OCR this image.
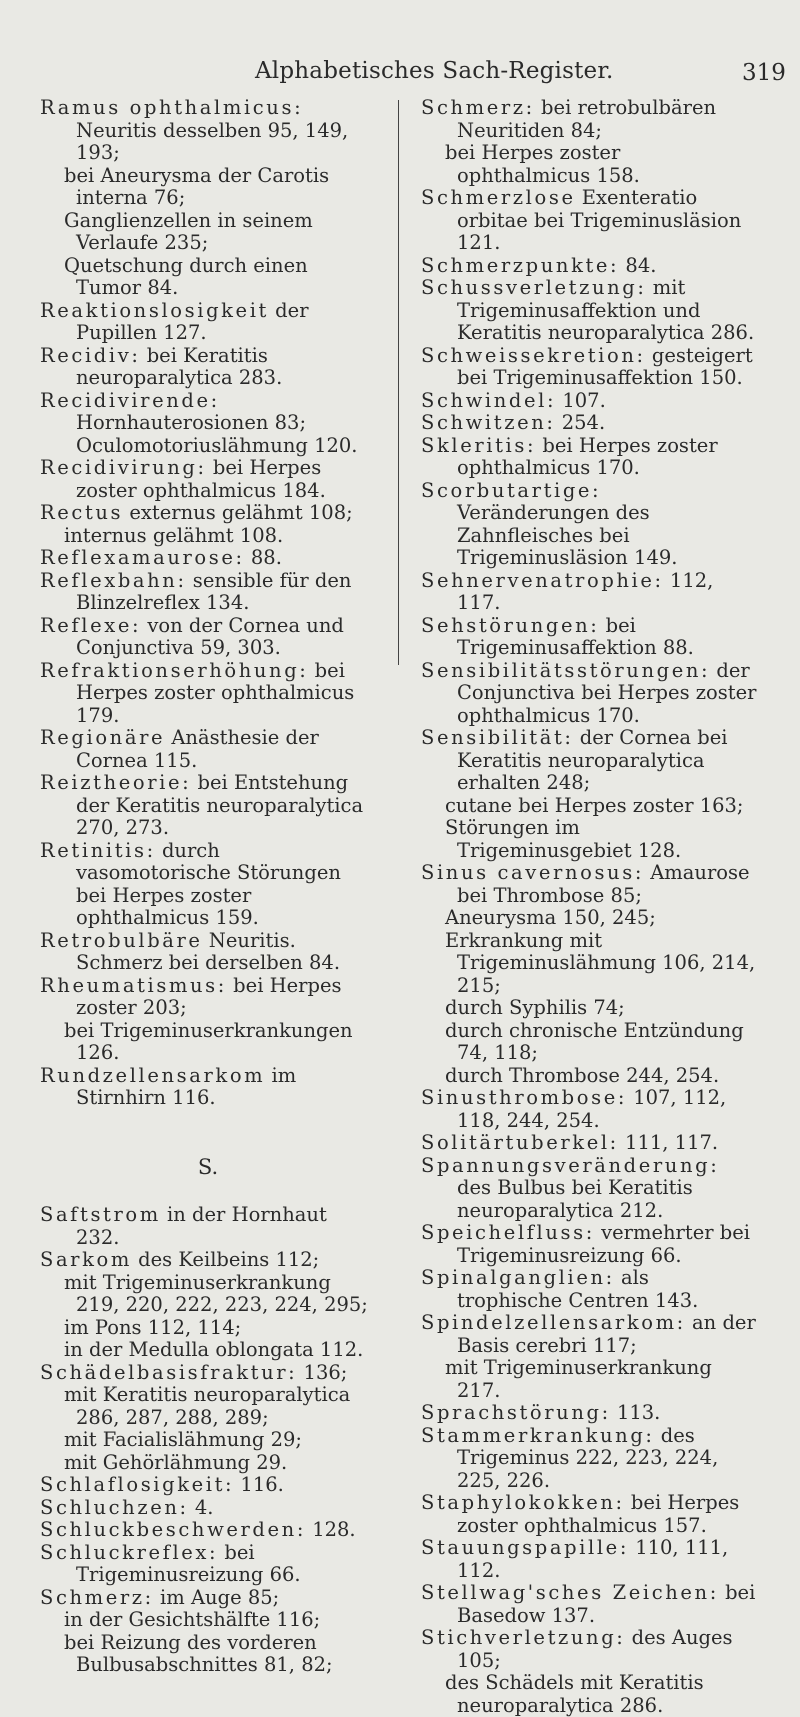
Alphabetisches Sach-Register.	319

Ramus ophthalmicus: Neuritis desselben 95, 149, 193;

bei Aneurysma der Carotis interna 76;

Ganglienzellen in seinem Verlaufe 235;

Quetschung durch einen Tumor 84.

Reaktionslosigkeit der Pupillen 127.

Recidiv: bei Keratitis neuroparalytica 283.

Recidivirende: Hornhauterosionen 83; Oculomotoriuslähmung 120.

Recidivirung: bei Herpes zoster ophthalmicus 184.

Rectus externus gelähmt 108;

internus gelähmt 108.

Reflexamaurose: 88.

Reflexbahn: sensible für den Blinzelreflex 134.

Reflexe: von der Cornea und Conjunctiva 59, 303.

Refraktionserhöhung: bei Herpes zoster ophthalmicus 179.

Regionäre Anästhesie der Cornea 115.

Reiztheorie: bei Entstehung der Keratitis neuroparalytica 270, 273.

Retinitis: durch vasomotorische Störungen bei Herpes zoster ophthalmicus 159.

Retrobulbäre Neuritis. Schmerz bei derselben 84.

Rheumatismus: bei Herpes zoster 203;

bei Trigeminuserkrankungen 126.

Rundzellensarkom im Stirnhirn 116.

S.

Saftstrom in der Hornhaut 232.

Sarkom des Keilbeins 112;

mit Trigeminuserkrankung 219, 220, 222, 223, 224, 295;

im Pons 112, 114;

in der Medulla oblongata 112.

Schädelbasisfraktur: 136;

mit Keratitis neuroparalytica 286, 287, 288, 289;

mit Facialislähmung 29;

mit Gehörlähmung 29.

Schlaflosigkeit: 116.

Schluchzen: 4.

Schluckbeschwerden: 128.

Schluckreflex: bei Trigeminusreizung 66.

Schmerz: im Auge 85;

in der Gesichtshälfte 116;

bei Reizung des vorderen Bulbusabschnittes 81, 82;

Schmerz: bei retrobulbären Neuritiden 84;

bei Herpes zoster ophthalmicus 158.

Schmerzlose Exenteratio orbitae bei Trigeminusläsion 121.

Schmerzpunkte: 84.

Schussverletzung: mit Trigeminusaffektion und Keratitis neuroparalytica 286.

Schweissekretion: gesteigert bei Trigeminusaffektion 150.

Schwindel: 107.

Schwitzen: 254.

Skleritis: bei Herpes zoster ophthalmicus 170.

Scorbutartige: Veränderungen des Zahnfleisches bei Trigeminusläsion 149.

Sehnervenatrophie: 112, 117.

Sehstörungen: bei Trigeminusaffektion 88.

Sensibilitätsstörungen: der Conjunctiva bei Herpes zoster ophthalmicus 170.

Sensibilität: der Cornea bei Keratitis neuroparalytica erhalten 248;

cutane bei Herpes zoster 163;

Störungen im Trigeminusgebiet 128.

Sinus cavernosus: Amaurose bei Thrombose 85;

Aneurysma 150, 245;

Erkrankung mit Trigeminuslähmung 106, 214, 215;

durch Syphilis 74;

durch chronische Entzündung 74, 118;

durch Thrombose 244, 254.

Sinusthrombose: 107, 112, 118, 244, 254.

Solitärtuberkel: 111, 117.

Spannungsveränderung: des Bulbus bei Keratitis neuroparalytica 212.

Speichelfluss: vermehrter bei Trigeminusreizung 66.

Spinalganglien: als trophische Centren 143.

Spindelzellensarkom: an der Basis cerebri 117;

mit Trigeminuserkrankung 217.

Sprachstörung: 113.

Stammerkrankung: des Trigeminus 222, 223, 224, 225, 226.

Staphylokokken: bei Herpes zoster ophthalmicus 157.

Stauungspapille: 110, 111, 112.

Stellwag'sches Zeichen: bei Basedow 137.

Stichverletzung: des Auges 105;

des Schädels mit Keratitis neuroparalytica 286.
